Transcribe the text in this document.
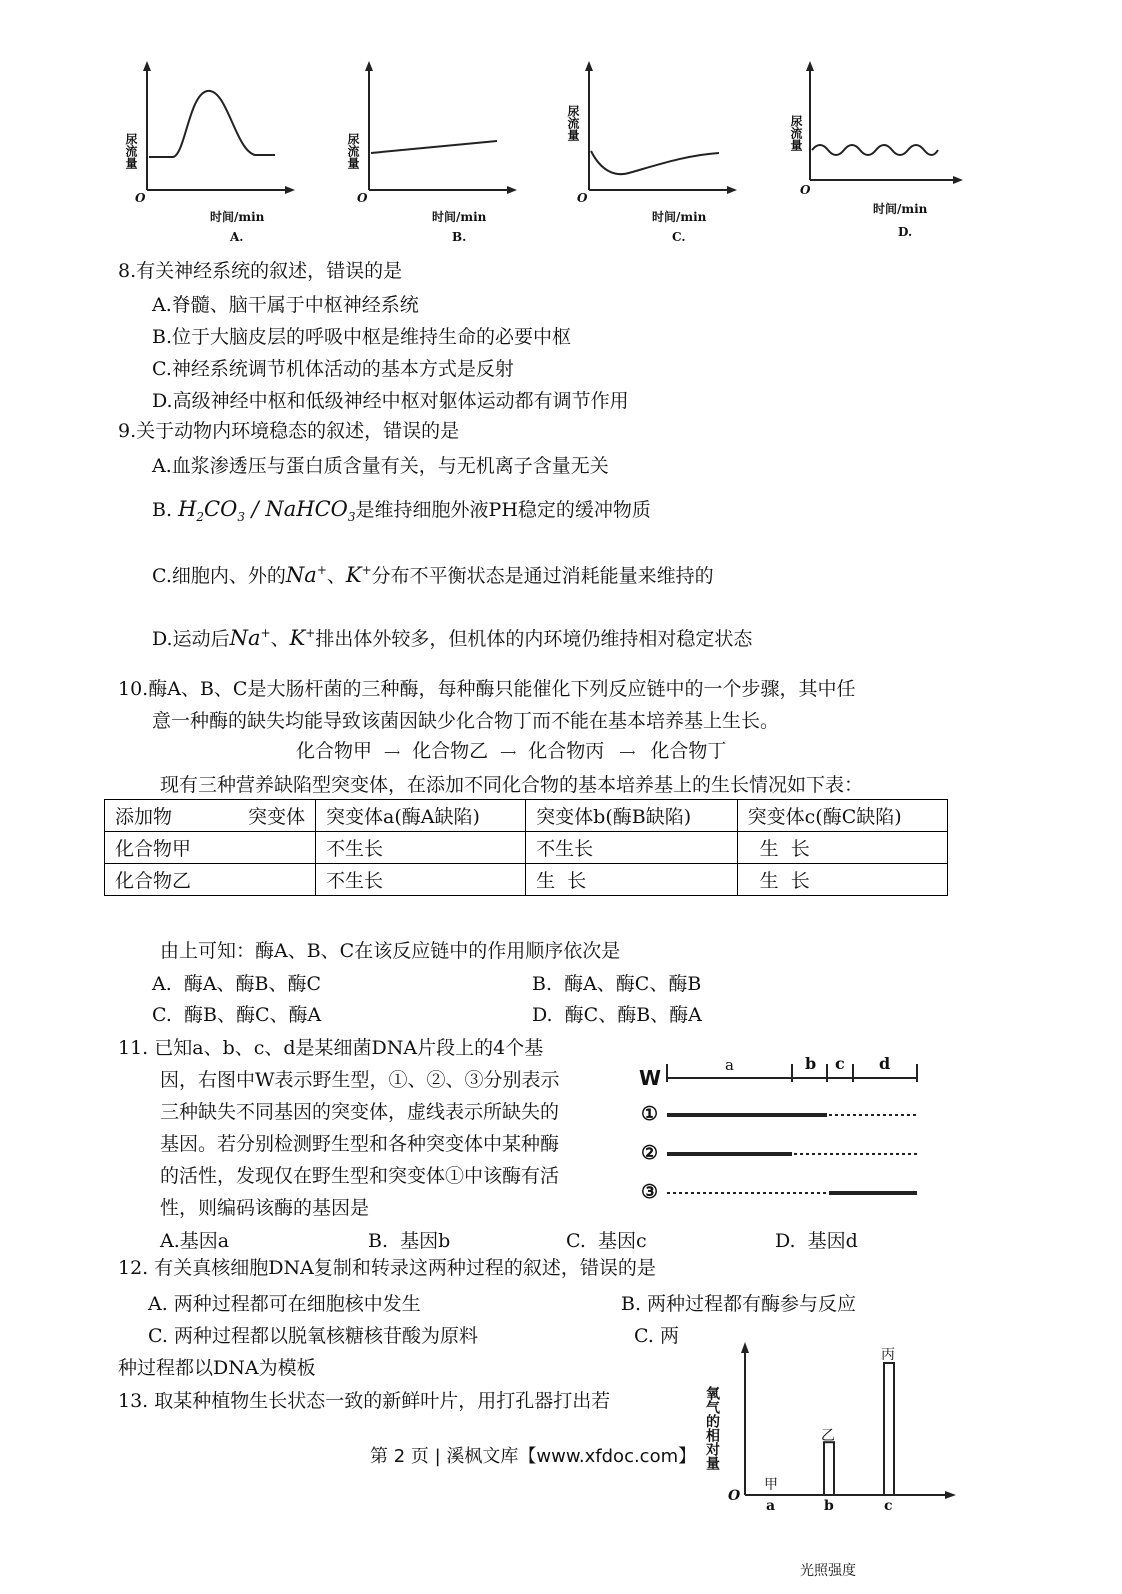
尿流量
O
时间/min
A.
尿流量
O
时间/min
B.
尿流量
O
时间/min
C.
尿流量
O
时间/min
D.
8.有关神经系统的叙述，错误的是
A.脊髓、脑干属于中枢神经系统
B.位于大脑皮层的呼吸中枢是维持生命的必要中枢
C.神经系统调节机体活动的基本方式是反射
D.高级神经中枢和低级神经中枢对躯体运动都有调节作用
9.关于动物内环境稳态的叙述，错误的是
A.血浆渗透压与蛋白质含量有关，与无机离子含量无关
B. $H_2CO_3$ / NaHCO$_3$是维持细胞外液PH稳定的缓冲物质
C.细胞内、外的Na+、K+分布不平衡状态是通过消耗能量来维持的
D.运动后Na+、K+排出体外较多，但机体的内环境仍维持相对稳定状态
10.酶A、B、C是大肠杆菌的三种酶，每种酶只能催化下列反应链中的一个步骤，其中任
意一种酶的缺失均能导致该菌因缺少化合物丁而不能在基本培养基上生长。
化合物甲 ⟶ 化合物乙 ⟶ 化合物丙 ⟶ 化合物丁
现有三种营养缺陷型突变体，在添加不同化合物的基本培养基上的生长情况如下表：
添加物 突变体	突变体a(酶A缺陷)	突变体b(酶B缺陷)	突变体c(酶C缺陷)
化合物甲	不生长	不生长	生  长
化合物乙	不生长	生  长	生  长
由上可知：酶A、B、C在该反应链中的作用顺序依次是
A.  酶A、酶B、酶C	B.  酶A、酶C、酶B
C.  酶B、酶C、酶A	D.  酶C、酶B、酶A
11. 已知a、b、c、d是某细菌DNA片段上的4个基
因，右图中W表示野生型，①、②、③分别表示
三种缺失不同基因的突变体，虚线表示所缺失的
基因。若分别检测野生型和各种突变体中某种酶
的活性，发现仅在野生型和突变体①中该酶有活
性，则编码该酶的基因是
W
a	b c d
①
②
③
A.基因a	B.  基因b	C.  基因c	D.  基因d
12. 有关真核细胞DNA复制和转录这两种过程的叙述，错误的是
A. 两种过程都可在细胞核中发生	B. 两种过程都有酶参与反应
C. 两种过程都以脱氧核糖核苷酸为原料	C. 两
种过程都以DNA为模板
13. 取某种植物生长状态一致的新鲜叶片，用打孔器打出若	氧气的相对量
O
光照强度
a	b	c
甲
乙
丙
第 2 页 | 溪枫文库【www.xfdoc.com】
